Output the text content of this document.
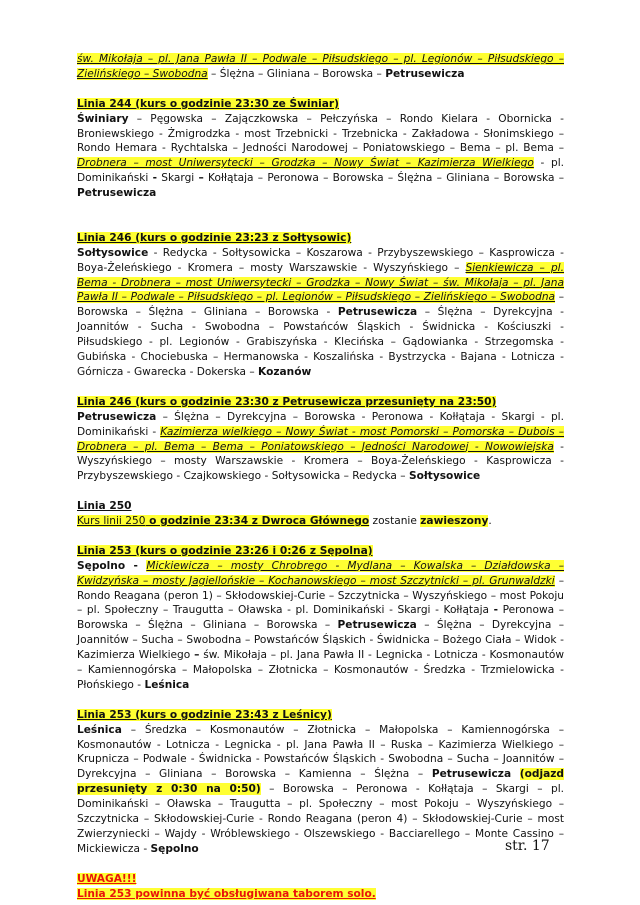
św. Mikołaja – pl. Jana Pawła II – Podwale – Piłsudskiego – pl. Legionów – Piłsudskiego – Zielińskiego – Swobodna – Ślężna – Gliniana – Borowska – Petrusewicza

Linia 244 (kurs o godzinie 23:30 ze Świniar)

Świniary – Pęgowska – Zajączkowska – Pełczyńska – Rondo Kielara - Obornicka - Broniewskiego - Żmigrodzka - most Trzebnicki - Trzebnicka - Zakładowa - Słonimskiego – Rondo Hemara - Rychtalska – Jedności Narodowej – Poniatowskiego – Bema – pl. Bema – Drobnera – most Uniwersytecki – Grodzka – Nowy Świat – Kazimierza Wielkiego - pl. Dominikański - Skargi – Kołłątaja – Peronowa – Borowska – Ślężna – Gliniana – Borowska – Petrusewicza

Linia 246 (kurs o godzinie 23:23 z Sołtysowic)

Sołtysowice - Redycka - Sołtysowicka – Koszarowa - Przybyszewskiego – Kasprowicza - Boya-Żeleńskiego - Kromera – mosty Warszawskie - Wyszyńskiego – Sienkiewicza – pl. Bema - Drobnera – most Uniwersytecki – Grodzka – Nowy Świat – św. Mikołaja – pl. Jana Pawła II – Podwale – Piłsudskiego – pl. Legionów – Piłsudskiego – Zielińskiego – Swobodna – Borowska – Ślężna – Gliniana – Borowska - Petrusewicza – Ślężna – Dyrekcyjna - Joannitów - Sucha - Swobodna – Powstańców Śląskich - Świdnicka - Kościuszki - Piłsudskiego - pl. Legionów - Grabiszyńska - Klecińska – Gądowianka - Strzegomska - Gubińska - Chociebuska – Hermanowska - Koszalińska - Bystrzycka - Bajana - Lotnicza - Górnicza - Gwarecka - Dokerska – Kozanów

Linia 246 (kurs o godzinie 23:30 z Petrusewicza przesunięty na 23:50)

Petrusewicza – Ślężna – Dyrekcyjna – Borowska - Peronowa - Kołłątaja - Skargi - pl. Dominikański - Kazimierza wielkiego – Nowy Świat - most Pomorski – Pomorska – Dubois – Drobnera – pl. Bema – Bema – Poniatowskiego – Jedności Narodowej - Nowowiejska - Wyszyńskiego – mosty Warszawskie - Kromera – Boya-Żeleńskiego - Kasprowicza - Przybyszewskiego - Czajkowskiego - Sołtysowicka – Redycka – Sołtysowice

Linia 250

Kurs linii 250 o godzinie 23:34 z Dwroca Głównego zostanie zawieszony.

Linia 253 (kurs o godzinie 23:26 i 0:26 z Sępolna)

Sępolno - Mickiewicza – mosty Chrobrego - Mydlana – Kowalska – Działdowska – Kwidzyńska – mosty Jagiellońskie – Kochanowskiego – most Szczytnicki – pl. Grunwaldzki – Rondo Reagana (peron 1) – Skłodowskiej-Curie – Szczytnicka – Wyszyńskiego – most Pokoju – pl. Społeczny – Traugutta – Oławska - pl. Dominikański - Skargi - Kołłątaja - Peronowa – Borowska – Ślężna – Gliniana – Borowska – Petrusewicza – Ślężna – Dyrekcyjna – Joannitów – Sucha – Swobodna – Powstańców Śląskich - Świdnicka – Bożego Ciała – Widok - Kazimierza Wielkiego – św. Mikołaja – pl. Jana Pawła II - Legnicka - Lotnicza - Kosmonautów – Kamiennogórska – Małopolska – Złotnicka – Kosmonautów - Średzka - Trzmielowicka - Płońskiego - Leśnica

Linia 253 (kurs o godzinie 23:43 z Leśnicy)

Leśnica – Średzka – Kosmonautów – Złotnicka – Małopolska – Kamiennogórska – Kosmonautów - Lotnicza - Legnicka - pl. Jana Pawła II – Ruska – Kazimierza Wielkiego – Krupnicza – Podwale - Świdnicka - Powstańców Śląskich - Swobodna – Sucha – Joannitów – Dyrekcyjna – Gliniana – Borowska – Kamienna – Ślężna – Petrusewicza (odjazd przesunięty z 0:30 na 0:50) – Borowska – Peronowa - Kołłątaja – Skargi – pl. Dominikański – Oławska – Traugutta – pl. Społeczny – most Pokoju – Wyszyńskiego – Szczytnicka – Skłodowskiej-Curie - Rondo Reagana (peron 4) – Skłodowskiej-Curie – most Zwierzyniecki – Wajdy - Wróblewskiego - Olszewskiego - Bacciarellego – Monte Cassino – Mickiewicza - Sępolno

UWAGA!!!

Linia 253 powinna być obsługiwana taborem solo.

str. 17
